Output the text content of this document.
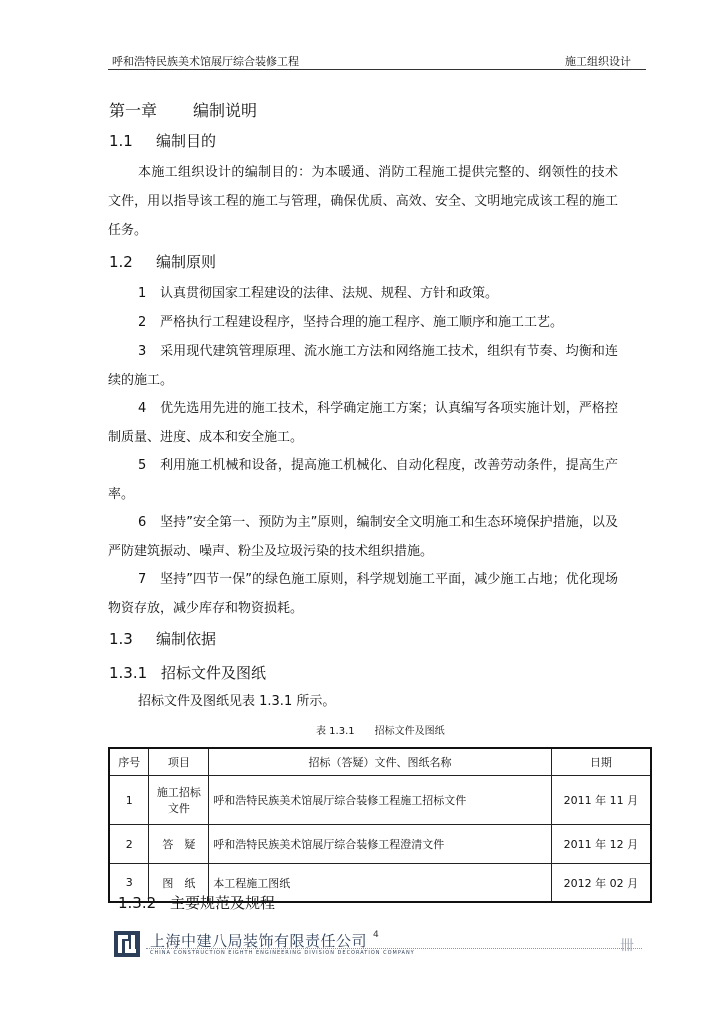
呼和浩特民族美术馆展厅综合装修工程	施工组织设计
第一章 编制说明
1.1 编制目的
本施工组织设计的编制目的：为本暖通、消防工程施工提供完整的、纲领性的技术文件，用以指导该工程的施工与管理，确保优质、高效、安全、文明地完成该工程的施工任务。
1.2 编制原则
1 认真贯彻国家工程建设的法律、法规、规程、方针和政策。
2 严格执行工程建设程序，坚持合理的施工程序、施工顺序和施工工艺。
3 采用现代建筑管理原理、流水施工方法和网络施工技术，组织有节奏、均衡和连续的施工。
4 优先选用先进的施工技术，科学确定施工方案；认真编写各项实施计划，严格控制质量、进度、成本和安全施工。
5 利用施工机械和设备，提高施工机械化、自动化程度，改善劳动条件，提高生产率。
6 坚持”安全第一、预防为主”原则，编制安全文明施工和生态环境保护措施，以及严防建筑振动、噪声、粉尘及垃圾污染的技术组织措施。
7 坚持”四节一保”的绿色施工原则，科学规划施工平面，减少施工占地；优化现场物资存放，减少库存和物资损耗。
1.3 编制依据
1.3.1 招标文件及图纸
招标文件及图纸见表 1.3.1 所示。
表 1.3.1 招标文件及图纸
序号	项目	招标（答疑）文件、图纸名称	日期
1	施工招标文件	呼和浩特民族美术馆展厅综合装修工程施工招标文件	2011 年 11 月
2	答　疑	呼和浩特民族美术馆展厅综合装修工程澄清文件	2011 年 12 月
3	图　纸	本工程施工图纸	2012 年 02 月
1.3.2 主要规范及规程
上海中建八局装饰有限责任公司 4
CHINA CONSTRUCTION EIGHTH ENGINEERING DIVISION DECORATION COMPANY	卌
